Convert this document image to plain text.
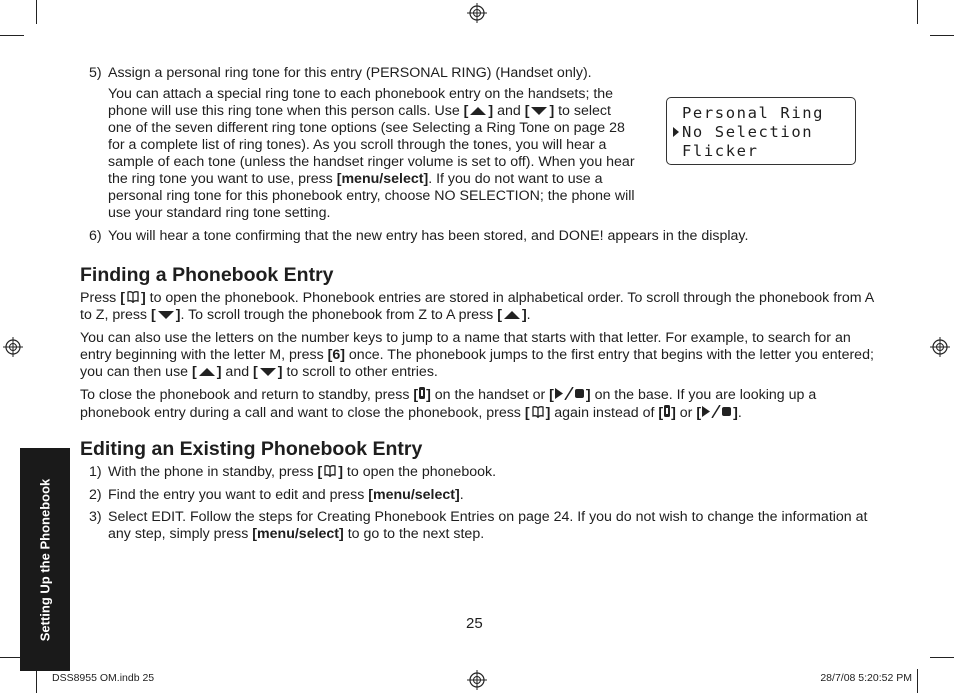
5) Assign a personal ring tone for this entry (PERSONAL RING) (Handset only).
You can attach a special ring tone to each phonebook entry on the handsets; the phone will use this ring tone when this person calls. Use [ ] and [ ] to select one of the seven different ring tone options (see Selecting a Ring Tone on page 28 for a complete list of ring tones). As you scroll through the tones, you will hear a sample of each tone (unless the handset ringer volume is set to off). When you hear the ring tone you want to use, press [menu/select]. If you do not want to use a personal ring tone for this phonebook entry, choose NO SELECTION; the phone will use your standard ring tone setting.
Personal Ring
No Selection
Flicker
6) You will hear a tone confirming that the new entry has been stored, and DONE! appears in the display.
Finding a Phonebook Entry
Press [ ] to open the phonebook. Phonebook entries are stored in alphabetical order. To scroll through the phonebook from A to Z, press [ ]. To scroll trough the phonebook from Z to A press [ ].
You can also use the letters on the number keys to jump to a name that starts with that letter. For example, to search for an entry beginning with the letter M, press [6] once. The phonebook jumps to the first entry that begins with the letter you entered; you can then use [ ] and [ ] to scroll to other entries.
To close the phonebook and return to standby, press [ ] on the handset or [ ] on the base. If you are looking up a phonebook entry during a call and want to close the phonebook, press [ ] again instead of [ ] or [ ].
Editing an Existing Phonebook Entry
1) With the phone in standby, press [ ] to open the phonebook.
2) Find the entry you want to edit and press [menu/select].
3) Select EDIT. Follow the steps for Creating Phonebook Entries on page 24. If you do not wish to change the information at any step, simply press [menu/select] to go to the next step.
25
Setting Up the Phonebook
DSS8955 OM.indb 25	28/7/08 5:20:52 PM
